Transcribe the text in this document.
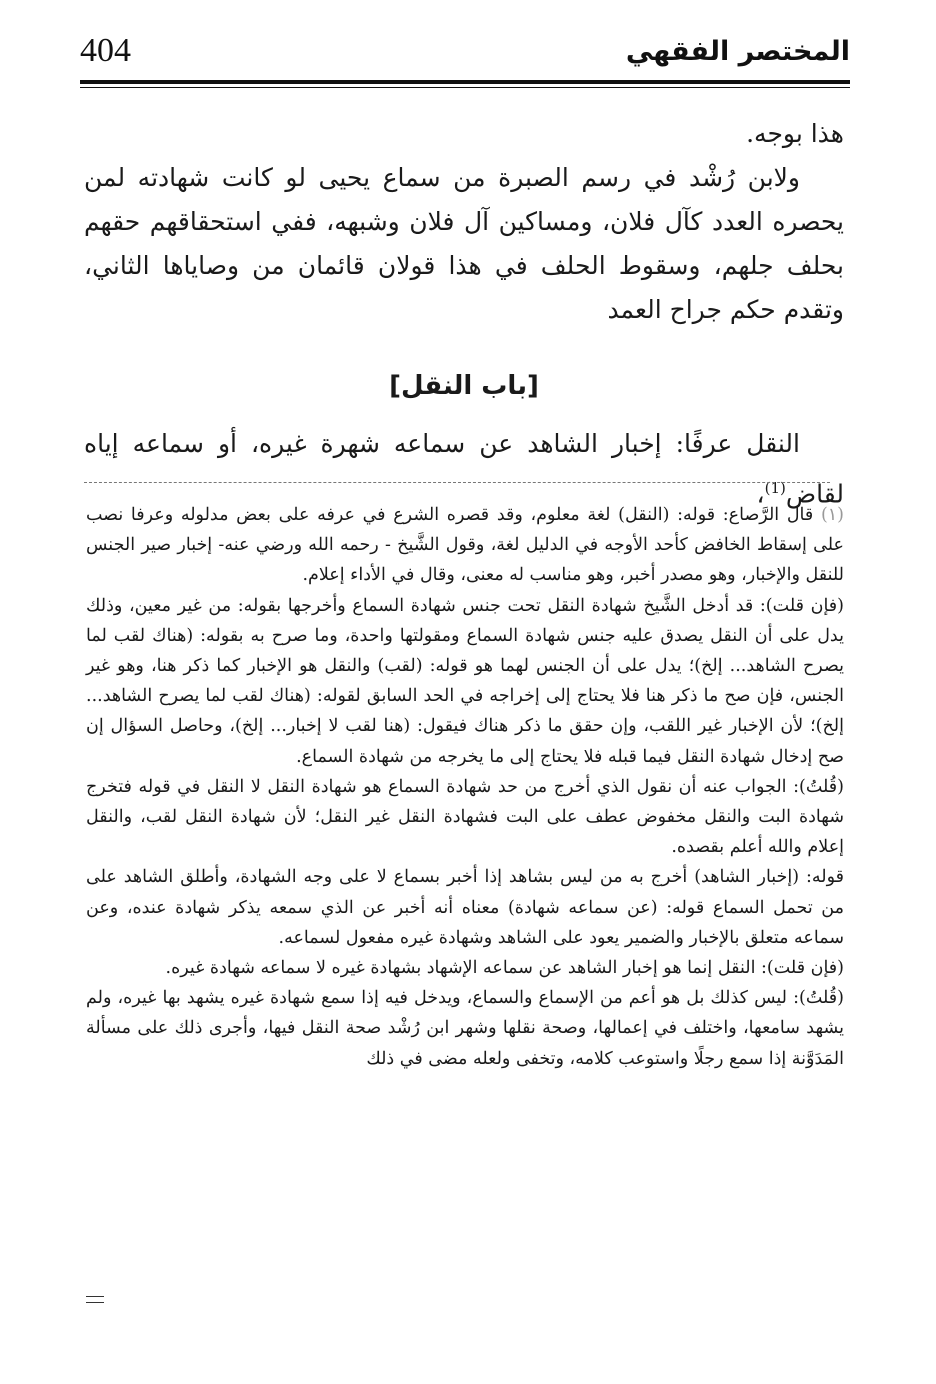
404	المختصر الفقهي

هذا بوجه.

ولابن رُشْد في رسم الصبرة من سماع يحيى لو كانت شهادته لمن يحصره العدد كآل فلان، ومساكين آل فلان وشبهه، ففي استحقاقهم حقهم بحلف جلهم، وسقوط الحلف في هذا قولان قائمان من وصاياها الثاني، وتقدم حكم جراح العمد

[باب النقل]

النقل عرفًا: إخبار الشاهد عن سماعه شهرة غيره، أو سماعه إياه لقاض$^{(1)}$،

(١) قال الرَّصاع: قوله: (النقل) لغة معلوم، وقد قصره الشرع في عرفه على بعض مدلوله وعرفا نصب على إسقاط الخافض كأحد الأوجه في الدليل لغة، وقول الشَّيخ - رحمه الله ورضي عنه- إخبار صير الجنس للنقل والإخبار، وهو مصدر أخبر، وهو مناسب له معنى، وقال في الأداء إعلام.

(فإن قلت): قد أدخل الشَّيخ شهادة النقل تحت جنس شهادة السماع وأخرجها بقوله: من غير معين، وذلك يدل على أن النقل يصدق عليه جنس شهادة السماع ومقولتها واحدة، وما صرح به بقوله: (هناك لقب لما يصرح الشاهد... إلخ)؛ يدل على أن الجنس لهما هو قوله: (لقب) والنقل هو الإخبار كما ذكر هنا، وهو غير الجنس، فإن صح ما ذكر هنا فلا يحتاج إلى إخراجه في الحد السابق لقوله: (هناك لقب لما يصرح الشاهد... إلخ)؛ لأن الإخبار غير اللقب، وإن حقق ما ذكر هناك فيقول: (هنا لقب لا إخبار... إلخ)، وحاصل السؤال إن صح إدخال شهادة النقل فيما قبله فلا يحتاج إلى ما يخرجه من شهادة السماع.

(قُلتُ): الجواب عنه أن نقول الذي أخرج من حد شهادة السماع هو شهادة النقل لا النقل في قوله فتخرج شهادة البت والنقل مخفوض عطف على البت فشهادة النقل غير النقل؛ لأن شهادة النقل لقب، والنقل إعلام والله أعلم بقصده.

قوله: (إخبار الشاهد) أخرج به من ليس بشاهد إذا أخبر بسماع لا على وجه الشهادة، وأطلق الشاهد على من تحمل السماع قوله: (عن سماعه شهادة) معناه أنه أخبر عن الذي سمعه يذكر شهادة عنده، وعن سماعه متعلق بالإخبار والضمير يعود على الشاهد وشهادة غيره مفعول لسماعه.

(فإن قلت): النقل إنما هو إخبار الشاهد عن سماعه الإشهاد بشهادة غيره لا سماعه شهادة غيره.

(قُلتُ): ليس كذلك بل هو أعم من الإسماع والسماع، ويدخل فيه إذا سمع شهادة غيره يشهد بها غيره، ولم يشهد سامعها، واختلف في إعمالها، وصحة نقلها وشهر ابن رُشْد صحة النقل فيها، وأجرى ذلك على مسألة المَدَوَّنة إذا سمع رجلًا واستوعب كلامه، وتخفى ولعله مضى في ذلك
